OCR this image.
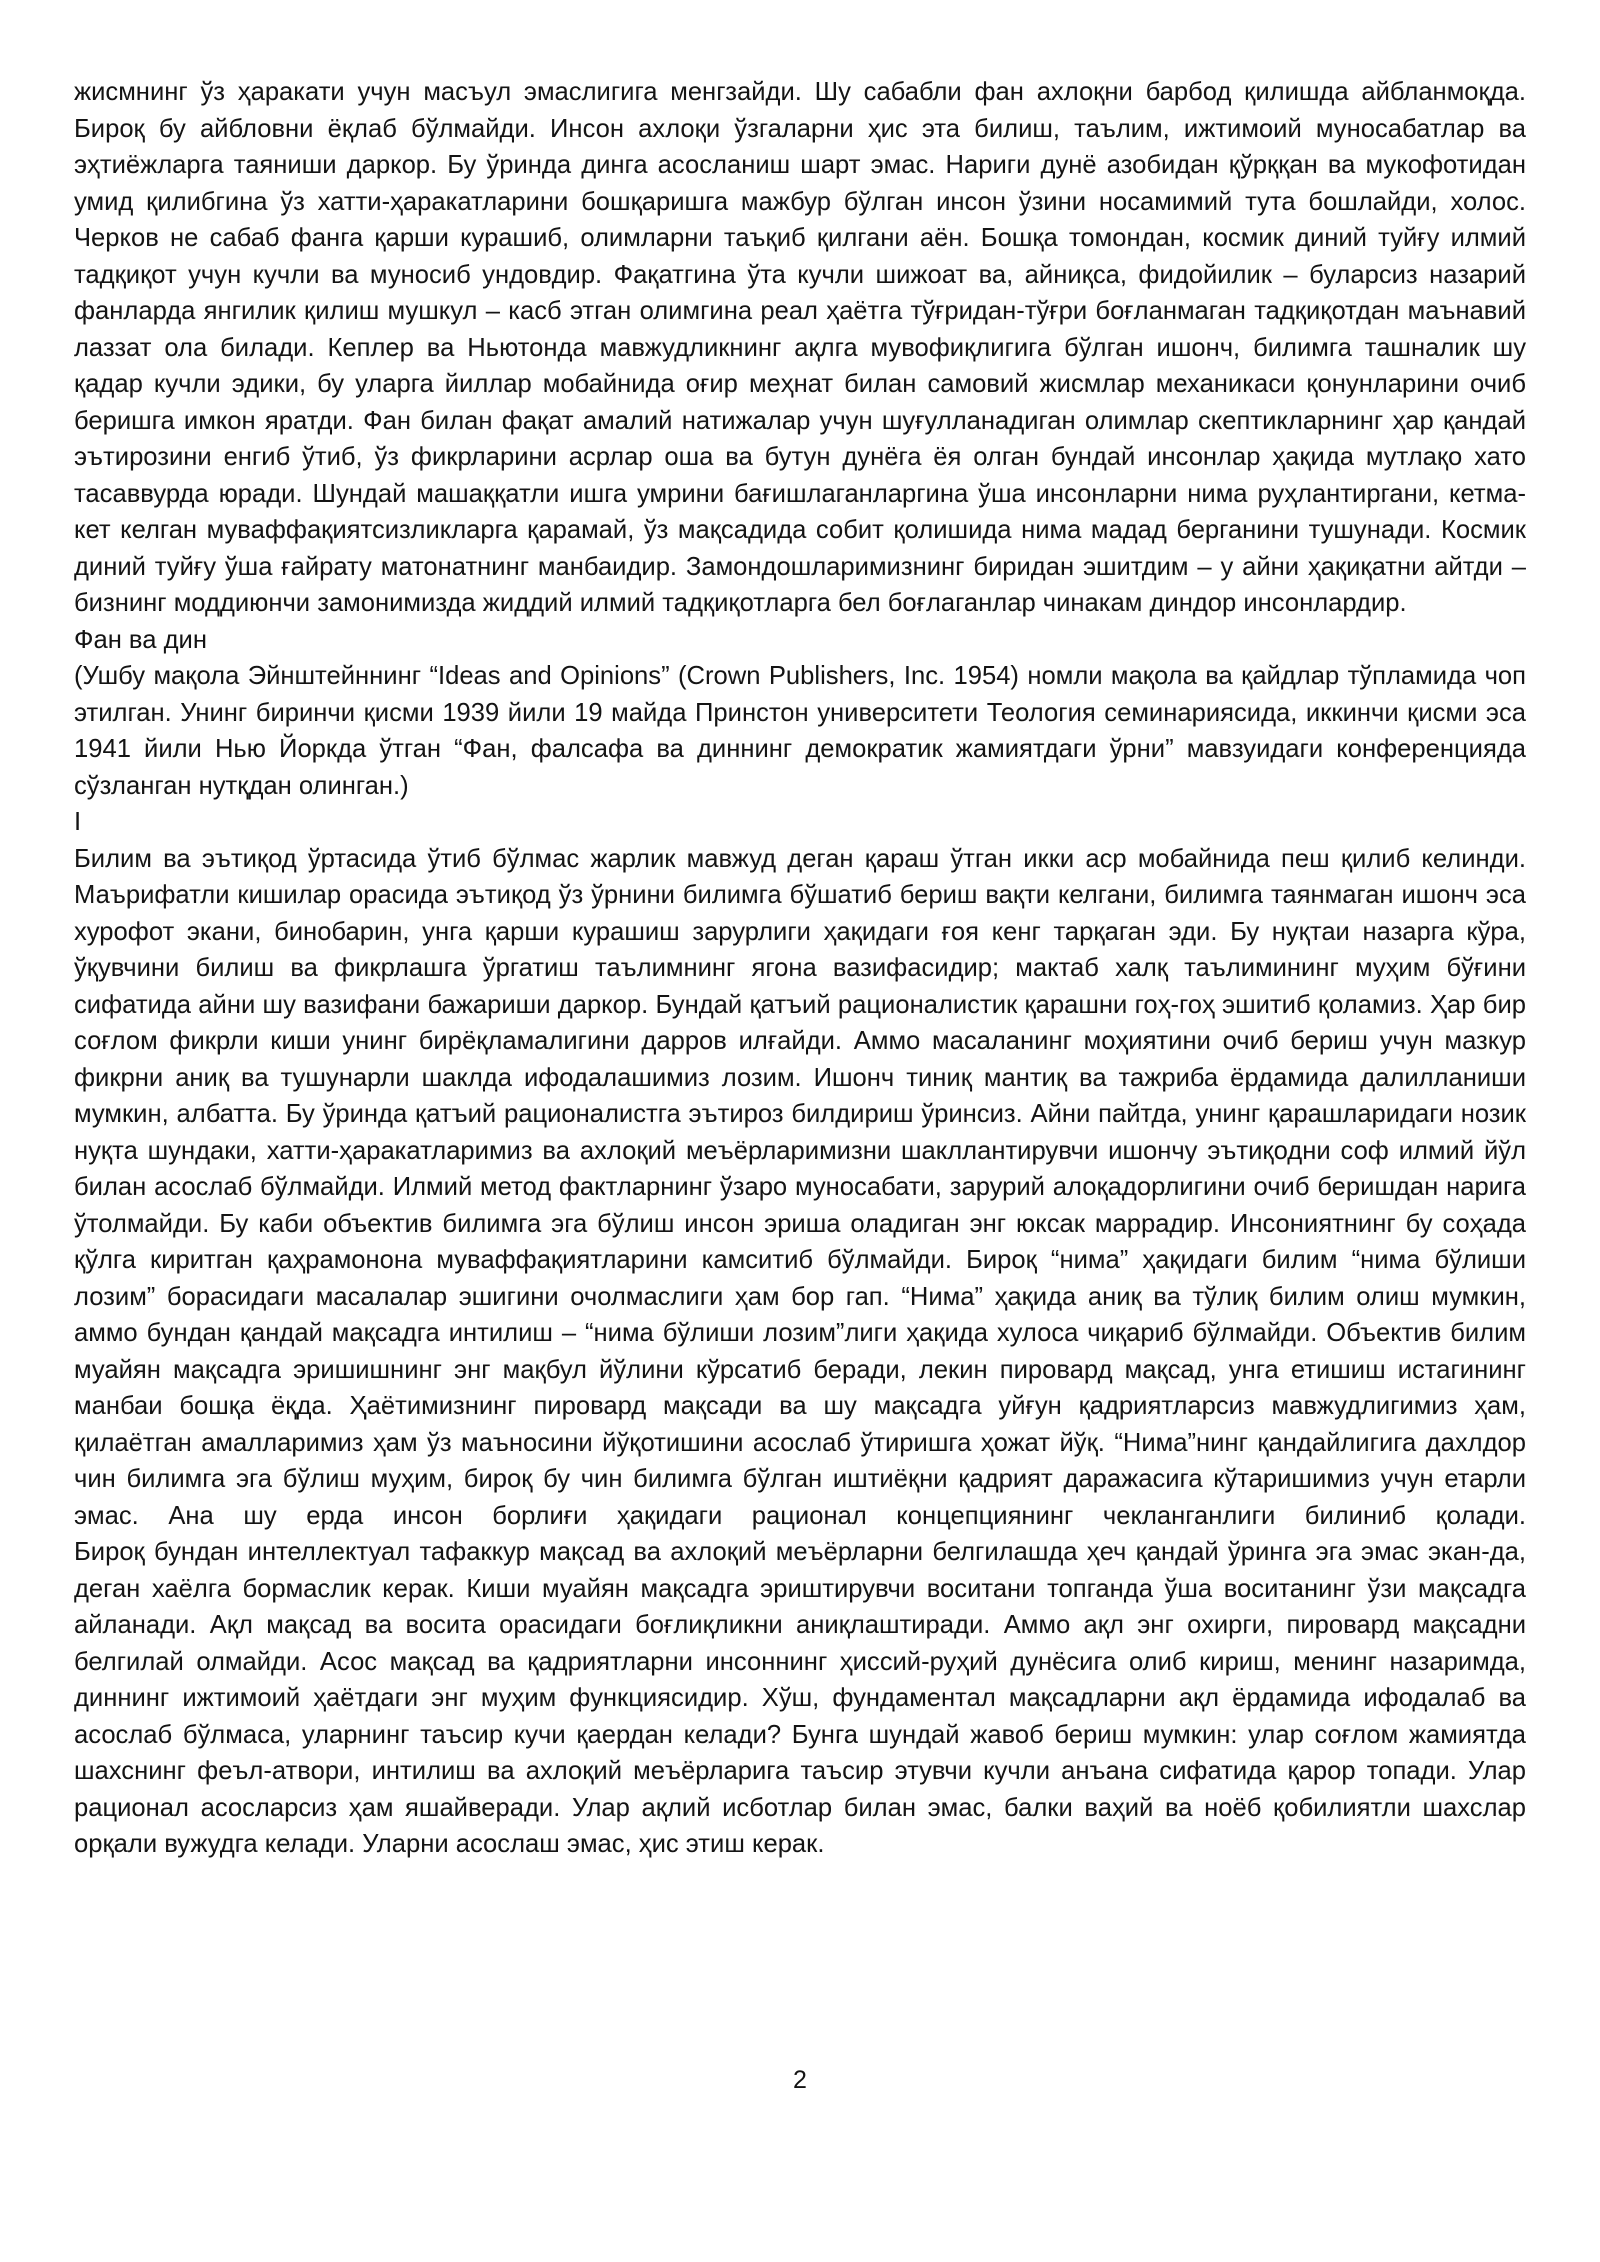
жисмнинг ўз ҳаракати учун масъул эмаслигига менгзайди. Шу сабабли фан ахлоқни барбод қилишда айбланмоқда. Бироқ бу айбловни ёқлаб бўлмайди. Инсон ахлоқи ўзгаларни ҳис эта билиш, таълим, ижтимоий муносабатлар ва эҳтиёжларга таяниши даркор. Бу ўринда динга асосланиш шарт эмас. Нариги дунё азобидан қўрққан ва мукофотидан умид қилибгина ўз хатти-ҳаракатларини бошқаришга мажбур бўлган инсон ўзини носамимий тута бошлайди, холос.

Черков не сабаб фанга қарши курашиб, олимларни таъқиб қилгани аён. Бошқа томондан, космик диний туйғу илмий тадқиқот учун кучли ва муносиб ундовдир. Фақатгина ўта кучли шижоат ва, айниқса, фидойилик – буларсиз назарий фанларда янгилик қилиш мушкул – касб этган олимгина реал ҳаётга тўғридан-тўғри боғланмаган тадқиқотдан маънавий лаззат ола билади. Кеплер ва Ньютонда мавжудликнинг ақлга мувофиқлигига бўлган ишонч, билимга ташналик шу қадар кучли эдики, бу уларга йиллар мобайнида оғир меҳнат билан самовий жисмлар механикаси қонунларини очиб беришга имкон яратди. Фан билан фақат амалий натижалар учун шуғулланадиган олимлар скептикларнинг ҳар қандай эътирозини енгиб ўтиб, ўз фикрларини асрлар оша ва бутун дунёга ёя олган бундай инсонлар ҳақида мутлақо хато тасаввурда юради. Шундай машаққатли ишга умрини бағишлаганларгина ўша инсонларни нима руҳлантиргани, кетма-кет келган муваффақиятсизликларга қарамай, ўз мақсадида собит қолишида нима мадад берганини тушунади. Космик диний туйғу ўша ғайрату матонатнинг манбаидир. Замондошларимизнинг биридан эшитдим – у айни ҳақиқатни айтди – бизнинг моддиюнчи замонимизда жиддий илмий тадқиқотларга бел боғлаганлар чинакам диндор инсонлардир.

Фан ва дин

(Ушбу мақола Эйнштейннинг “Ideas and Opinions” (Crown Publishers, Inc. 1954) номли мақола ва қайдлар тўпламида чоп этилган. Унинг биринчи қисми 1939 йили 19 майда Принстон университети Теология семинариясида, иккинчи қисми эса 1941 йили Нью Йоркда ўтган “Фан, фалсафа ва диннинг демократик жамиятдаги ўрни” мавзуидаги конференцияда сўзланган нутқдан олинган.)

I

Билим ва эътиқод ўртасида ўтиб бўлмас жарлик мавжуд деган қараш ўтган икки аср мобайнида пеш қилиб келинди. Маърифатли кишилар орасида эътиқод ўз ўрнини билимга бўшатиб бериш вақти келгани, билимга таянмаган ишонч эса хурофот экани, бинобарин, унга қарши курашиш зарурлиги ҳақидаги ғоя кенг тарқаган эди. Бу нуқтаи назарга кўра, ўқувчини билиш ва фикрлашга ўргатиш таълимнинг ягона вазифасидир; мактаб халқ таълимининг муҳим бўғини сифатида айни шу вазифани бажариши даркор. Бундай қатъий рационалистик қарашни гоҳ-гоҳ эшитиб қоламиз. Ҳар бир соғлом фикрли киши унинг бирёқламалигини дарров илғайди. Аммо масаланинг моҳиятини очиб бериш учун мазкур фикрни аниқ ва тушунарли шаклда ифодалашимиз лозим. Ишонч тиниқ мантиқ ва тажриба ёрдамида далилланиши мумкин, албатта. Бу ўринда қатъий рационалистга эътироз билдириш ўринсиз. Айни пайтда, унинг қарашларидаги нозик нуқта шундаки, хатти-ҳаракатларимиз ва ахлоқий меъёрларимизни шакллантирувчи ишончу эътиқодни соф илмий йўл билан асослаб бўлмайди. Илмий метод фактларнинг ўзаро муносабати, зарурий алоқадорлигини очиб беришдан нарига ўтолмайди. Бу каби объектив билимга эга бўлиш инсон эриша оладиган энг юксак маррадир. Инсониятнинг бу соҳада қўлга киритган қаҳрамонона муваффақиятларини камситиб бўлмайди. Бироқ “нима” ҳақидаги билим “нима бўлиши лозим” борасидаги масалалар эшигини очолмаслиги ҳам бор гап. “Нима” ҳақида аниқ ва тўлиқ билим олиш мумкин, аммо бундан қандай мақсадга интилиш – “нима бўлиши лозим”лиги ҳақида хулоса чиқариб бўлмайди. Объектив билим муайян мақсадга эришишнинг энг мақбул йўлини кўрсатиб беради, лекин пировард мақсад, унга етишиш истагининг манбаи бошқа ёқда. Ҳаётимизнинг пировард мақсади ва шу мақсадга уйғун қадриятларсиз мавжудлигимиз ҳам, қилаётган амалларимиз ҳам ўз маъносини йўқотишини асослаб ўтиришга ҳожат йўқ. “Нима”нинг қандайлигига дахлдор чин билимга эга бўлиш муҳим, бироқ бу чин билимга бўлган иштиёқни қадрият даражасига кўтаришимиз учун етарли эмас. Ана шу ерда инсон борлиғи ҳақидаги рационал концепциянинг чекланганлиги билиниб қолади.

Бироқ бундан интеллектуал тафаккур мақсад ва ахлоқий меъёрларни белгилашда ҳеч қандай ўринга эга эмас экан-да, деган хаёлга бормаслик керак. Киши муайян мақсадга эриштирувчи воситани топганда ўша воситанинг ўзи мақсадга айланади. Ақл мақсад ва восита орасидаги боғлиқликни аниқлаштиради. Аммо ақл энг охирги, пировард мақсадни белгилай олмайди. Асос мақсад ва қадриятларни инсоннинг ҳиссий-руҳий дунёсига олиб кириш, менинг назаримда, диннинг ижтимоий ҳаётдаги энг муҳим функциясидир. Хўш, фундаментал мақсадларни ақл ёрдамида ифодалаб ва асослаб бўлмаса, уларнинг таъсир кучи қаердан келади? Бунга шундай жавоб бериш мумкин: улар соғлом жамиятда шахснинг феъл-атвори, интилиш ва ахлоқий меъёрларига таъсир этувчи кучли анъана сифатида қарор топади. Улар рационал асосларсиз ҳам яшайверади. Улар ақлий исботлар билан эмас, балки ваҳий ва ноёб қобилиятли шахслар орқали вужудга келади. Уларни асослаш эмас, ҳис этиш керак.

2
